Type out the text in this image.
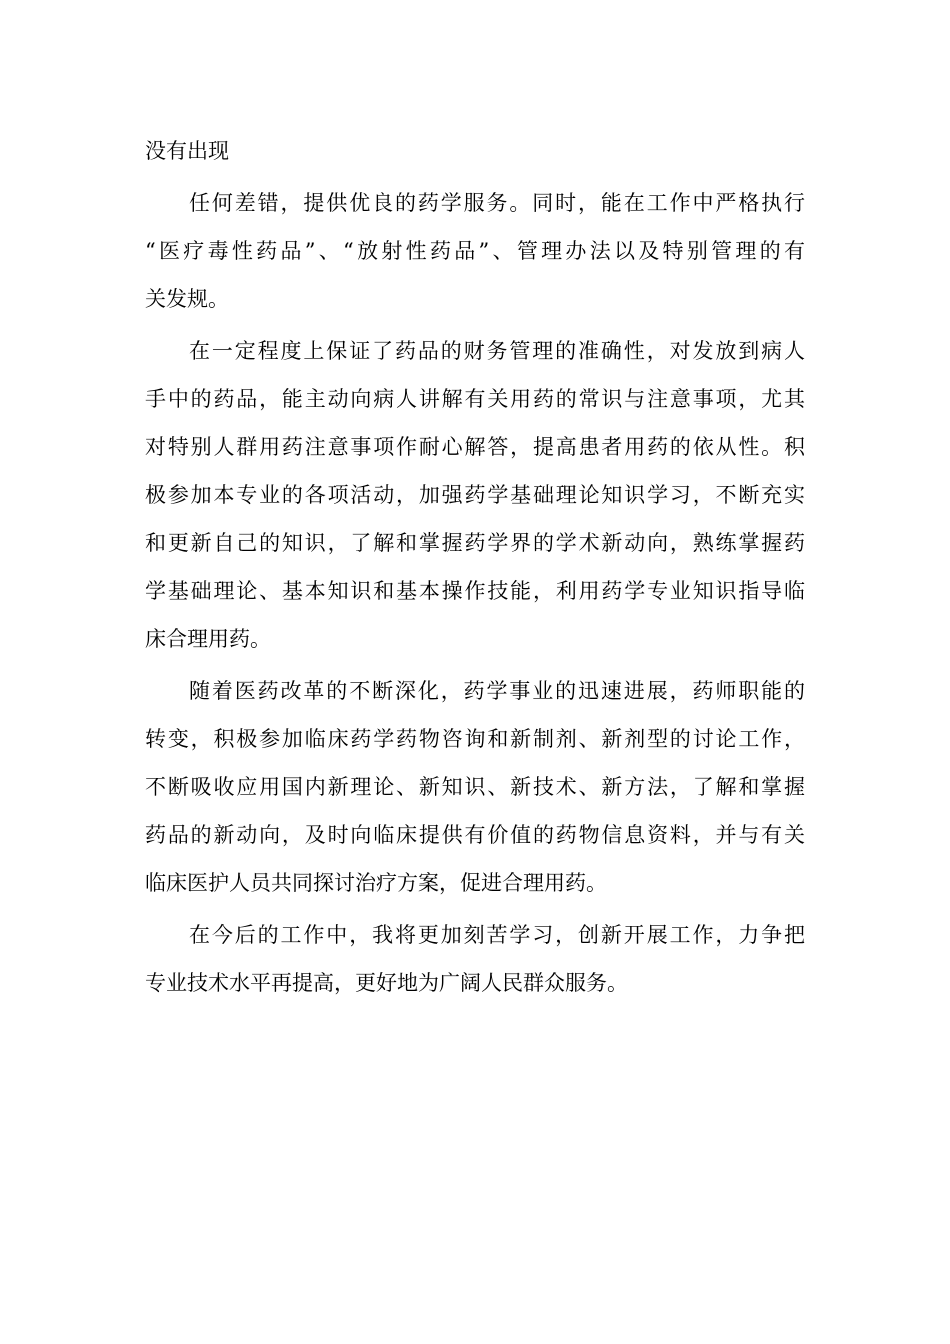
没有出现
任何差错，提供优良的药学服务。同时，能在工作中严格执行
“医疗毒性药品”、“放射性药品”、管理办法以及特别管理的有
关发规。
在一定程度上保证了药品的财务管理的准确性，对发放到病人
手中的药品，能主动向病人讲解有关用药的常识与注意事项，尤其
对特别人群用药注意事项作耐心解答，提高患者用药的依从性。积
极参加本专业的各项活动，加强药学基础理论知识学习，不断充实
和更新自己的知识，了解和掌握药学界的学术新动向，熟练掌握药
学基础理论、基本知识和基本操作技能，利用药学专业知识指导临
床合理用药。
随着医药改革的不断深化，药学事业的迅速进展，药师职能的
转变，积极参加临床药学药物咨询和新制剂、新剂型的讨论工作，
不断吸收应用国内新理论、新知识、新技术、新方法，了解和掌握
药品的新动向，及时向临床提供有价值的药物信息资料，并与有关
临床医护人员共同探讨治疗方案，促进合理用药。
在今后的工作中，我将更加刻苦学习，创新开展工作，力争把
专业技术水平再提高，更好地为广阔人民群众服务。
